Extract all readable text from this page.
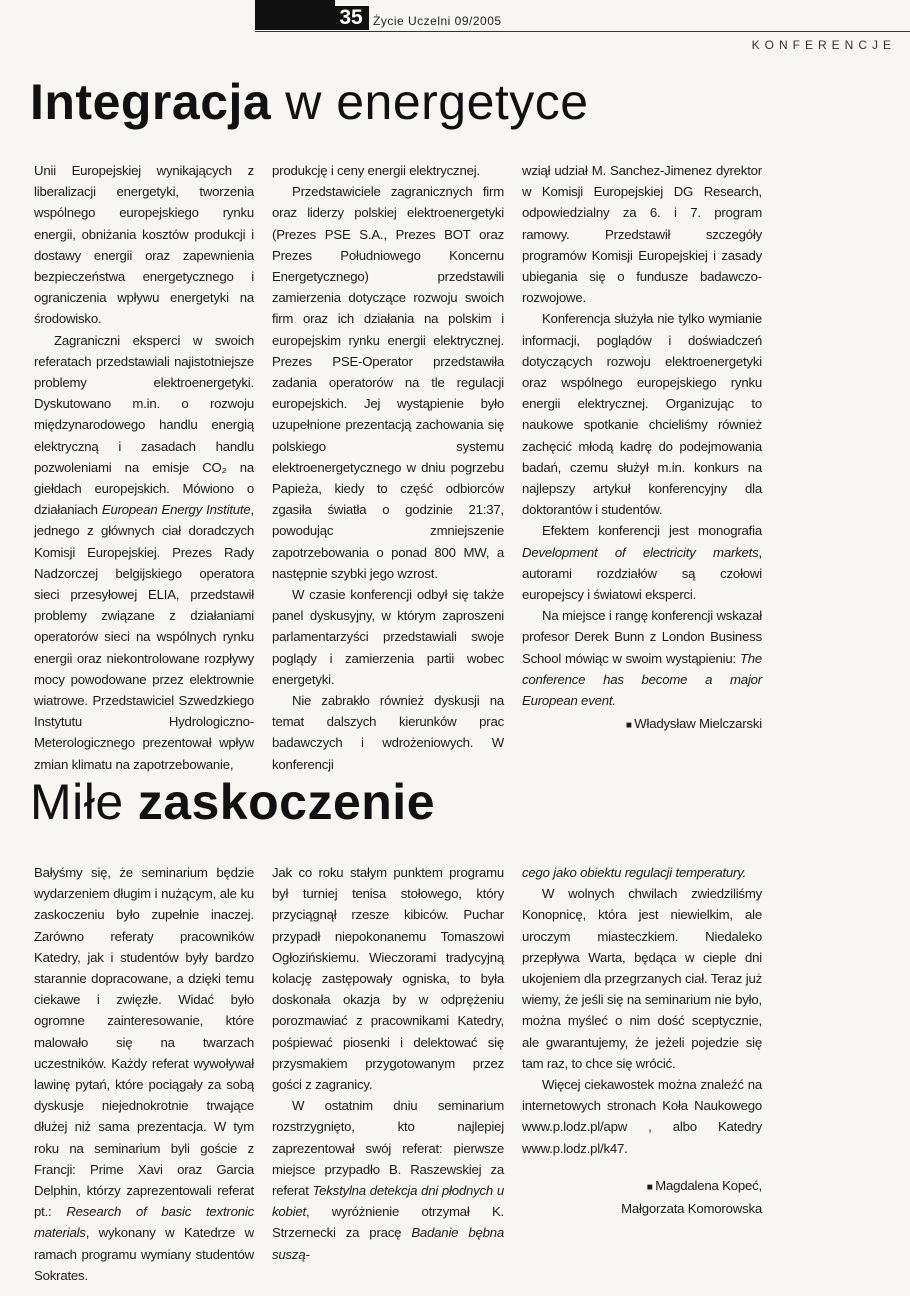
35 Życie Uczelni 09/2005
KONFERENCJE
Integracja w energetyce

Unii Europejskiej wynikających z liberalizacji energetyki, tworzenia wspólnego europejskiego rynku energii, obniżania kosztów produkcji i dostawy energii oraz zapewnienia bezpieczeństwa energetycznego i ograniczenia wpływu energetyki na środowisko.

Zagraniczni eksperci w swoich referatach przedstawiali najistotniejsze problemy elektroenergetyki. Dyskutowano m.in. o rozwoju międzynarodowego handlu energią elektryczną i zasadach handlu pozwoleniami na emisje CO₂ na giełdach europejskich. Mówiono o działaniach European Energy Institute, jednego z głównych ciał doradczych Komisji Europejskiej. Prezes Rady Nadzorczej belgijskiego operatora sieci przesyłowej ELIA, przedstawił problemy związane z działaniami operatorów sieci na wspólnych rynku energii oraz niekontrolowane rozpływy mocy powodowane przez elektrownie wiatrowe. Przedstawiciel Szwedzkiego Instytutu Hydrologiczno-Meterologicznego prezentował wpływ zmian klimatu na zapotrzebowanie,

produkcję i ceny energii elektrycznej.

Przedstawiciele zagranicznych firm oraz liderzy polskiej elektroenergetyki (Prezes PSE S.A., Prezes BOT oraz Prezes Południowego Koncernu Energetycznego) przedstawili zamierzenia dotyczące rozwoju swoich firm oraz ich działania na polskim i europejskim rynku energii elektrycznej. Prezes PSE-Operator przedstawiła zadania operatorów na tle regulacji europejskich. Jej wystąpienie było uzupełnione prezentacją zachowania się polskiego systemu elektroenergetycznego w dniu pogrzebu Papieża, kiedy to część odbiorców zgasiła światła o godzinie 21:37, powodując zmniejszenie zapotrzebowania o ponad 800 MW, a następnie szybki jego wzrost.

W czasie konferencji odbył się także panel dyskusyjny, w którym zaproszeni parlamentarzyści przedstawiali swoje poglądy i zamierzenia partii wobec energetyki.

Nie zabrakło również dyskusji na temat dalszych kierunków prac badawczych i wdrożeniowych. W konferencji

wziął udział M. Sanchez-Jimenez dyrektor w Komisji Europejskiej DG Research, odpowiedzialny za 6. i 7. program ramowy. Przedstawił szczegóły programów Komisji Europejskiej i zasady ubiegania się o fundusze badawczo-rozwojowe.

Konferencja służyła nie tylko wymianie informacji, poglądów i doświadczeń dotyczących rozwoju elektroenergetyki oraz wspólnego europejskiego rynku energii elektrycznej. Organizując to naukowe spotkanie chcieliśmy również zachęcić młodą kadrę do podejmowania badań, czemu służył m.in. konkurs na najlepszy artykuł konferencyjny dla doktorantów i studentów.

Efektem konferencji jest monografia Development of electricity markets, autorami rozdziałów są czołowi europejscy i światowi eksperci.

Na miejsce i rangę konferencji wskazał profesor Derek Bunn z London Business School mówiąc w swoim wystąpieniu: The conference has become a major European event.

■ Władysław Mielczarski

Miłe zaskoczenie

Bałyśmy się, że seminarium będzie wydarzeniem długim i nużącym, ale ku zaskoczeniu było zupełnie inaczej. Zarówno referaty pracowników Katedry, jak i studentów były bardzo starannie dopracowane, a dzięki temu ciekawe i zwięzłe. Widać było ogromne zainteresowanie, które malowało się na twarzach uczestników. Każdy referat wywoływał lawinę pytań, które pociągały za sobą dyskusje niejednokrotnie trwające dłużej niż sama prezentacja. W tym roku na seminarium byli goście z Francji: Prime Xavi oraz Garcia Delphin, którzy zaprezentowali referat pt.: Research of basic textronic materials, wykonany w Katedrze w ramach programu wymiany studentów Sokrates.

Jak co roku stałym punktem programu był turniej tenisa stołowego, który przyciągnął rzesze kibiców. Puchar przypadł niepokonanemu Tomaszowi Ogłozińskiemu. Wieczorami tradycyjną kolację zastępowały ogniska, to była doskonała okazja by w odprężeniu porozmawiać z pracownikami Katedry, pośpiewać piosenki i delektować się przysmakiem przygotowanym przez gości z zagranicy.

W ostatnim dniu seminarium rozstrzygnięto, kto najlepiej zaprezentował swój referat: pierwsze miejsce przypadło B. Raszewskiej za referat Tekstylna detekcja dni płodnych u kobiet, wyróżnienie otrzymał K. Strzernecki za pracę Badanie bębna suszą-

cego jako obiektu regulacji temperatury.

W wolnych chwilach zwiedziliśmy Konopnicę, która jest niewielkim, ale uroczym miasteczkiem. Niedaleko przepływa Warta, będąca w cieple dni ukojeniem dla przegrzanych ciał. Teraz już wiemy, że jeśli się na seminarium nie było, można myśleć o nim dość sceptycznie, ale gwarantujemy, że jeżeli pojedzie się tam raz, to chce się wrócić.

Więcej ciekawostek można znaleźć na internetowych stronach Koła Naukowego www.p.lodz.pl/apw , albo Katedry www.p.lodz.pl/k47.

■ Magdalena Kopeć,
Małgorzata Komorowska
